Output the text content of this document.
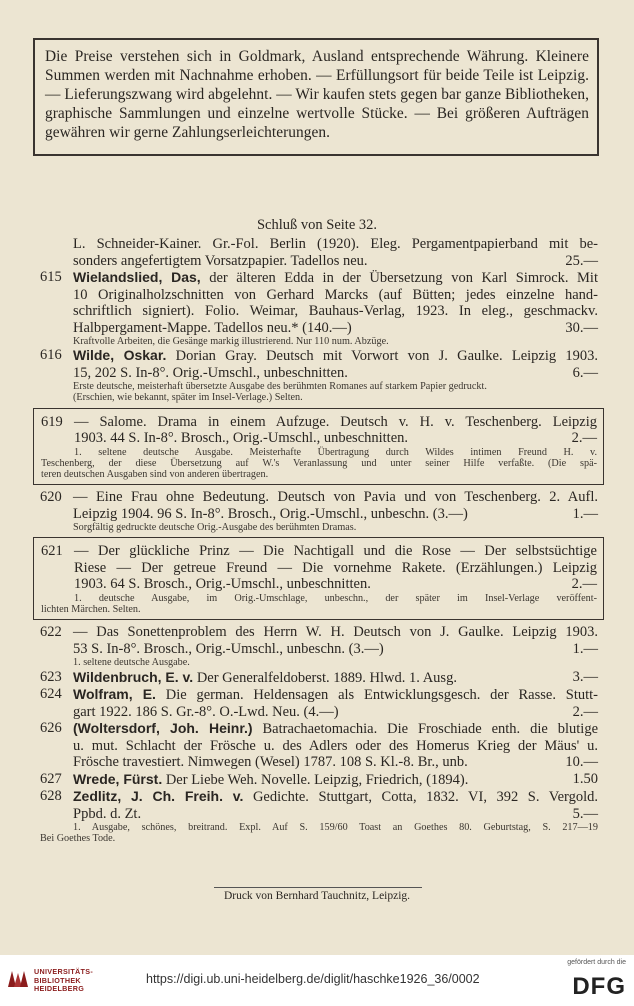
Die Preise verstehen sich in Goldmark, Ausland entsprechende Währung. Kleinere Summen werden mit Nachnahme erhoben. — Erfüllungsort für beide Teile ist Leipzig. — Lieferungszwang wird abgelehnt. — Wir kaufen stets gegen bar ganze Bibliotheken, graphische Sammlungen und einzelne wertvolle Stücke. — Bei größeren Aufträgen gewähren wir gerne Zahlungserleichterungen.
Schluß von Seite 32.
L. Schneider-Kainer. Gr.-Fol. Berlin (1920). Eleg. Pergamentpapierband mit be-
sonders angefertigtem Vorsatzpapier. Tadellos neu.	25.—
615 Wielandslied, Das, der älteren Edda in der Übersetzung von Karl Simrock. Mit
10 Originalholzschnitten von Gerhard Marcks (auf Bütten; jedes einzelne hand-
schriftlich signiert). Folio. Weimar, Bauhaus-Verlag, 1923. In eleg., geschmackv.
Halbpergament-Mappe. Tadellos neu.* (140.—)	30.—
Kraftvolle Arbeiten, die Gesänge markig illustrierend. Nur 110 num. Abzüge.
616 Wilde, Oskar. Dorian Gray. Deutsch mit Vorwort von J. Gaulke. Leipzig 1903.
15, 202 S. In-8°. Orig.-Umschl., unbeschnitten.	6.—
Erste deutsche, meisterhaft übersetzte Ausgabe des berühmten Romanes auf starkem Papier gedruckt.
(Erschien, wie bekannt, später im Insel-Verlage.) Selten.
619 — Salome. Drama in einem Aufzuge. Deutsch v. H. v. Teschenberg. Leipzig
1903. 44 S. In-8°. Brosch., Orig.-Umschl., unbeschnitten.	2.—
1. seltene deutsche Ausgabe. Meisterhafte Übertragung durch Wildes intimen Freund H. v.
Teschenberg, der diese Übersetzung auf W.'s Veranlassung und unter seiner Hilfe verfaßte. (Die spä-
teren deutschen Ausgaben sind von anderen übertragen.
620 — Eine Frau ohne Bedeutung. Deutsch von Pavia und von Teschenberg. 2. Aufl.
Leipzig 1904. 96 S. In-8°. Brosch., Orig.-Umschl., unbeschn. (3.—)	1.—
Sorgfältig gedruckte deutsche Orig.-Ausgabe des berühmten Dramas.
621 — Der glückliche Prinz — Die Nachtigall und die Rose — Der selbstsüchtige
Riese — Der getreue Freund — Die vornehme Rakete. (Erzählungen.) Leipzig
1903. 64 S. Brosch., Orig.-Umschl., unbeschnitten.	2.—
1. deutsche Ausgabe, im Orig.-Umschlage, unbeschn., der später im Insel-Verlage veröffent-
lichten Märchen. Selten.
622 — Das Sonettenproblem des Herrn W. H. Deutsch von J. Gaulke. Leipzig 1903.
53 S. In-8°. Brosch., Orig.-Umschl., unbeschn. (3.—)	1.—
1. seltene deutsche Ausgabe.
623 Wildenbruch, E. v. Der Generalfeldoberst. 1889. Hlwd. 1. Ausg.	3.—
624 Wolfram, E. Die german. Heldensagen als Entwicklungsgesch. der Rasse. Stutt-
gart 1922. 186 S. Gr.-8°. O.-Lwd. Neu. (4.—)	2.—
626 (Woltersdorf, Joh. Heinr.) Batrachaetomachia. Die Froschiade enth. die blutige
u. mut. Schlacht der Frösche u. des Adlers oder des Homerus Krieg der Mäus' u.
Frösche travestiert. Nimwegen (Wesel) 1787. 108 S. Kl.-8. Br., unb.	10.—
627 Wrede, Fürst. Der Liebe Weh. Novelle. Leipzig, Friedrich, (1894).	1.50
628 Zedlitz, J. Ch. Freih. v. Gedichte. Stuttgart, Cotta, 1832. VI, 392 S. Vergold.
Ppbd. d. Zt.	5.—
1. Ausgabe, schönes, breitrand. Expl. Auf S. 159/60 Toast an Goethes 80. Geburtstag, S. 217—19
Bei Goethes Tode.
Druck von Bernhard Tauchnitz, Leipzig.
UNIVERSITÄTS-
BIBLIOTHEK
HEIDELBERG
https://digi.ub.uni-heidelberg.de/diglit/haschke1926_36/0002
gefördert durch die
DFG
